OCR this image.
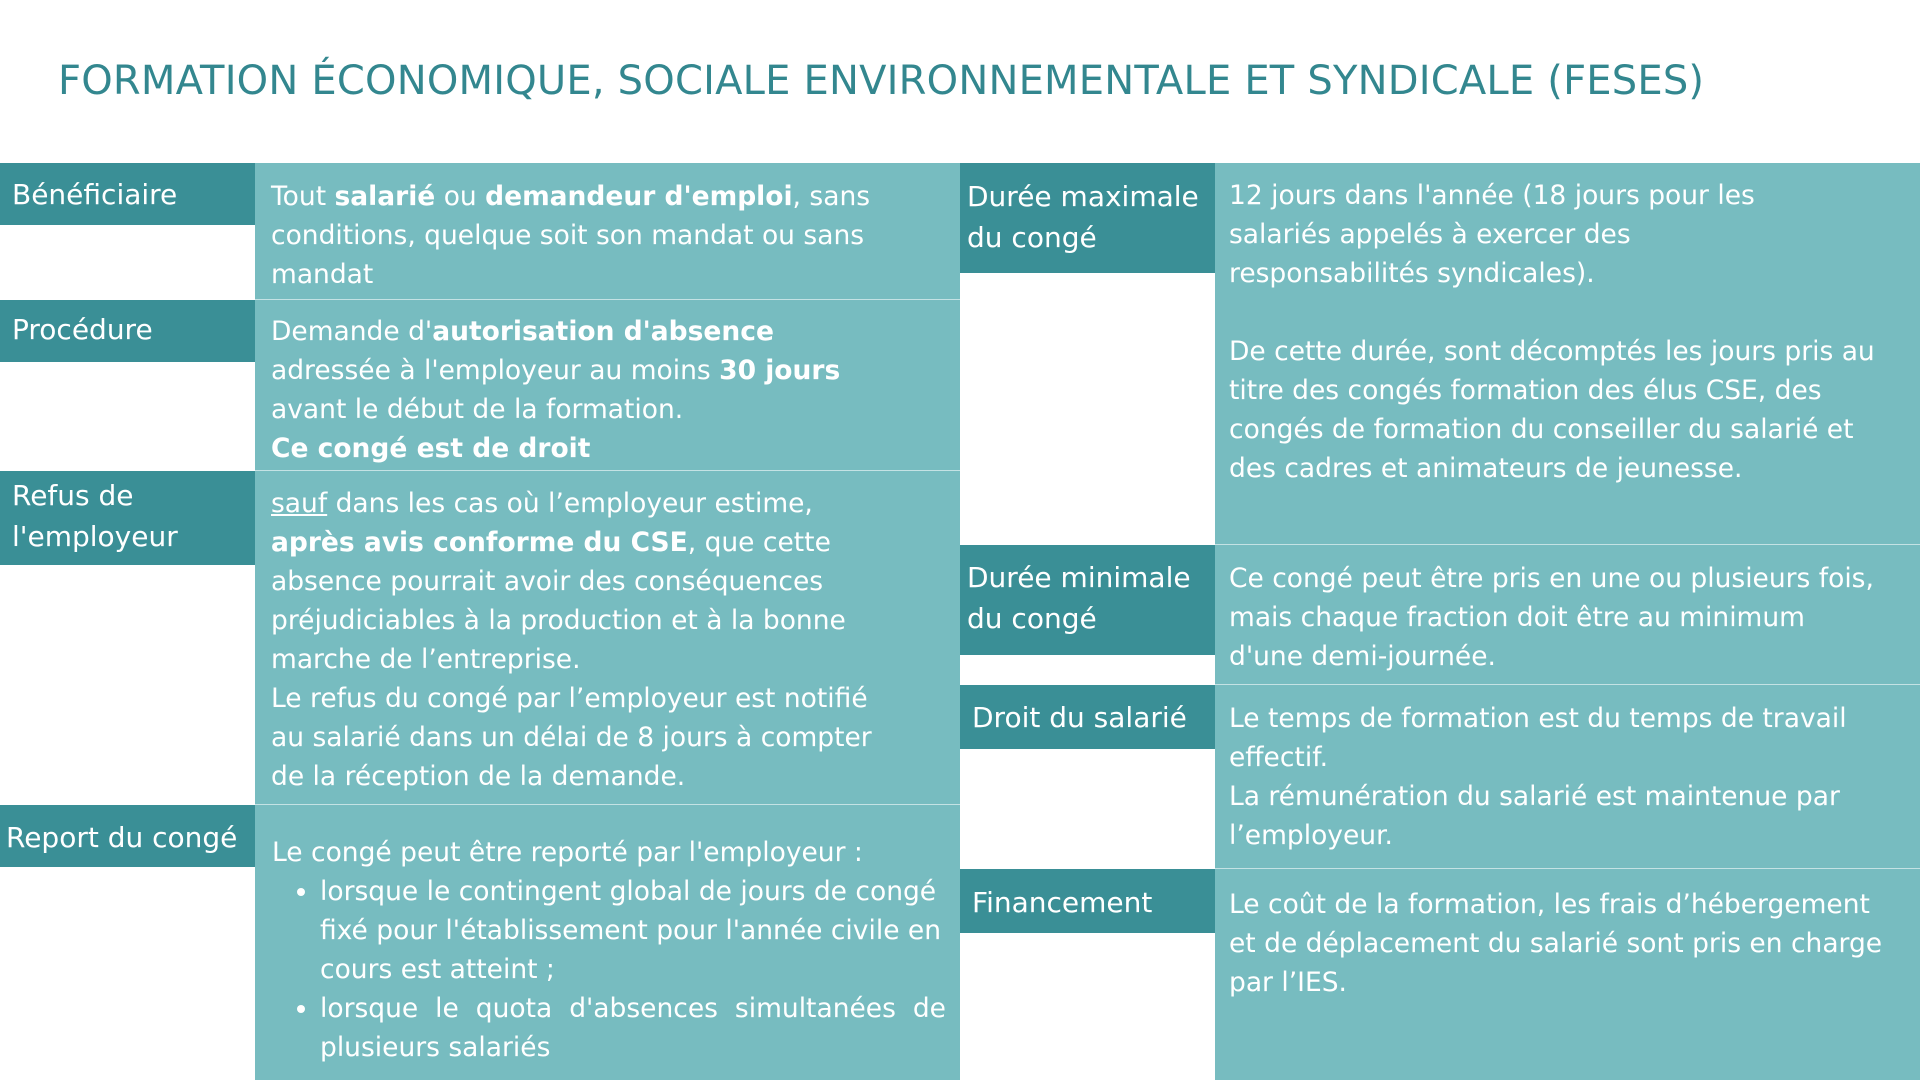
FORMATION ÉCONOMIQUE, SOCIALE ENVIRONNEMENTALE ET SYNDICALE (FESES)

Tout salarié ou demandeur d'emploi, sans conditions, quelque soit son mandat ou sans mandat

Demande d'autorisation d'absence

adressée à l'employeur au moins 30 jours

avant le début de la formation.

Ce congé est de droit

sauf dans les cas où l’employeur estime,
après avis conforme du CSE, que cette absence pourrait avoir des conséquences préjudiciables à la production et à la bonne marche de l’entreprise.

Le refus du congé par l’employeur est notifié au salarié dans un délai de 8 jours à compter de la réception de la demande.

Le congé peut être reporté par l'employeur :

• lorsque le contingent global de jours de congé fixé pour l'établissement pour l'année civile en cours est atteint ;
• lorsque le quota d'absences simultanées de plusieurs salariés

12 jours dans l'année (18 jours pour les salariés appelés à exercer des responsabilités syndicales).

De cette durée, sont décomptés les jours pris au titre des congés formation des élus CSE, des congés de formation du conseiller du salarié et des cadres et animateurs de jeunesse.

Ce congé peut être pris en une ou plusieurs fois, mais chaque fraction doit être au minimum d'une demi-journée.

Le temps de formation est du temps de travail effectif.

La rémunération du salarié est maintenue par l’employeur.

Le coût de la formation, les frais d’hébergement et de déplacement du salarié sont pris en charge par l’IES.

Bénéficiaire
Procédure
Refus de
l'employeur
Report du congé
Durée maximale
du congé
Durée minimale
du congé
Droit du salarié
Financement
